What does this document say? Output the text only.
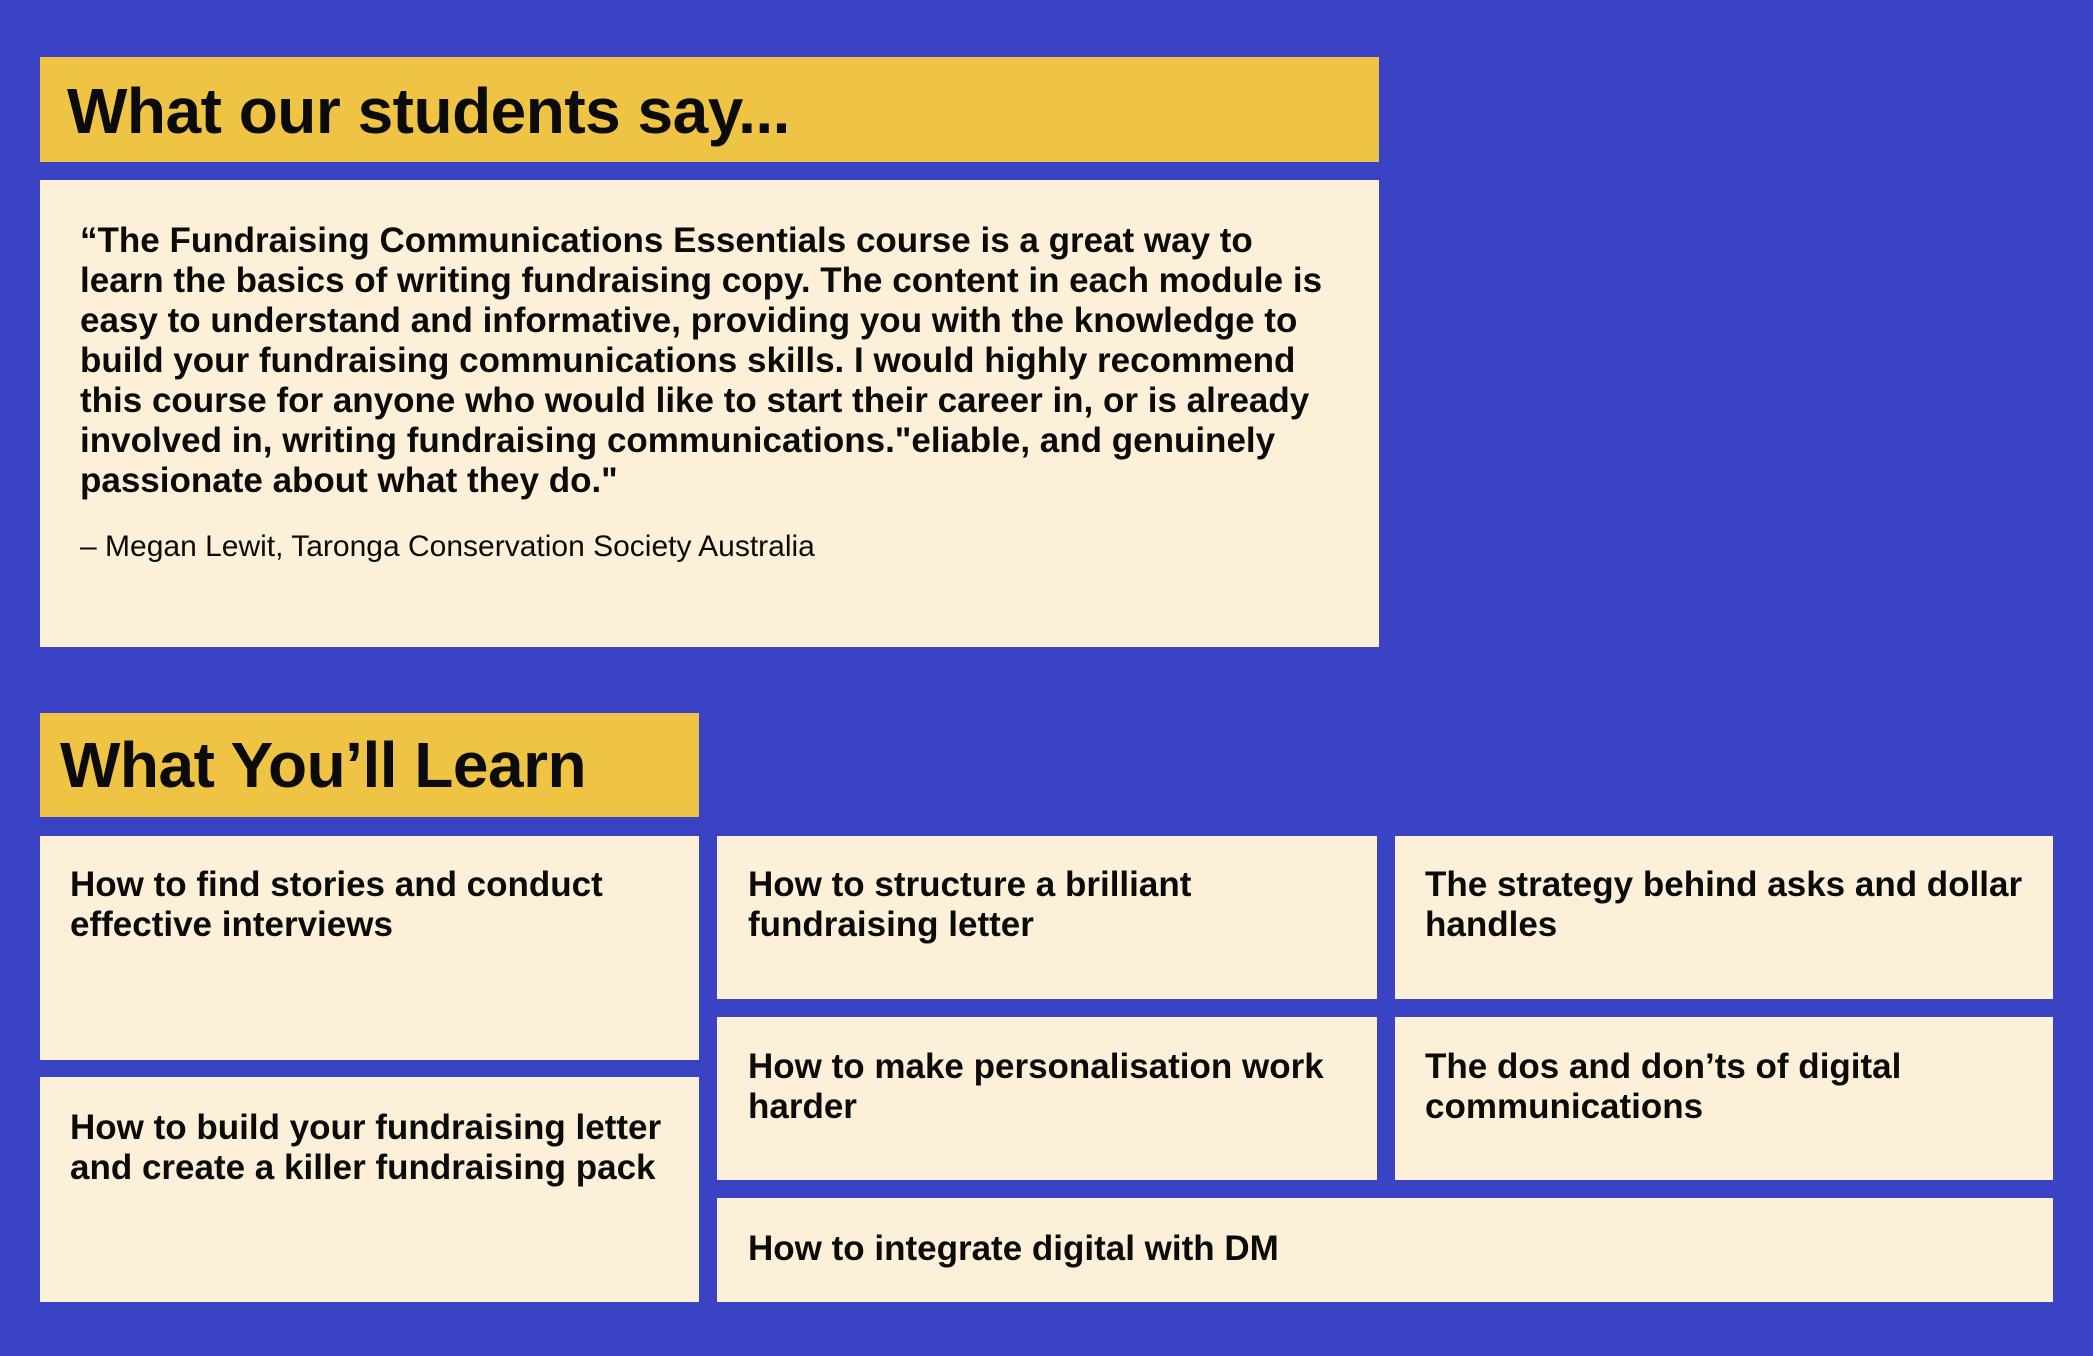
What our students say...

“The Fundraising Communications Essentials course is a great way to learn the basics of writing fundraising copy. The content in each module is easy to understand and informative, providing you with the knowledge to build your fundraising communications skills. I would highly recommend this course for anyone who would like to start their career in, or is already involved in, writing fundraising communications."eliable, and genuinely passionate about what they do."

– Megan Lewit, Taronga Conservation Society Australia
What You’ll Learn
How to find stories and conduct effective interviews
How to build your fundraising letter and create a killer fundraising pack
How to structure a brilliant fundraising letter
The strategy behind asks and dollar handles
How to make personalisation work harder
The dos and don’ts of digital communications
How to integrate digital with DM
